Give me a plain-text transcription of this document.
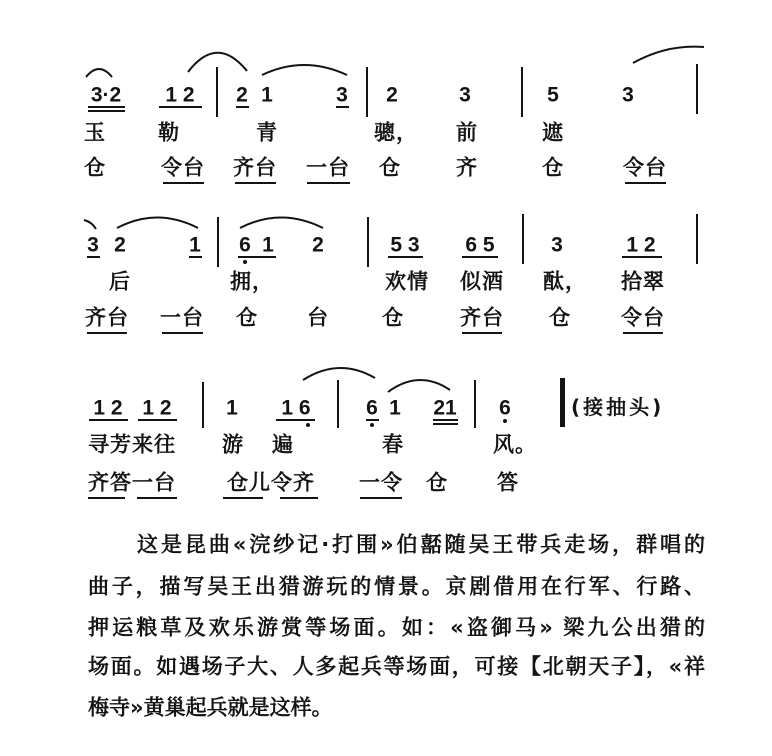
3·2 1 2 2 1	3 2	3	5	3
玉 勒	青	骢， 前	遮
仓	令台 齐台 一台 仓	齐	仓	令台
3 2	1 6 1 2	5 3 6 5	3	1 2
后	拥，	欢情 似酒 酞， 拾翠
齐台 一台 仓 台	仓	齐台 仓 令台
1 2 1 2	1 1 6	6 1 21 6	(接抽头)
寻芳来往 游 遍	春	风。
齐答一台 仓儿令齐 一令 仓 答
这是昆曲«浣纱记·打围»伯嚭随吴王带兵走场，群唱的
曲子，描写吴王出猎游玩的情景。京剧借用在行军、行路、
押运粮草及欢乐游赏等场面。如：«盗御马» 梁九公出猎的
场面。如遇场子大、人多起兵等场面，可接【北朝天子】，«祥
梅寺»黄巢起兵就是这样。
